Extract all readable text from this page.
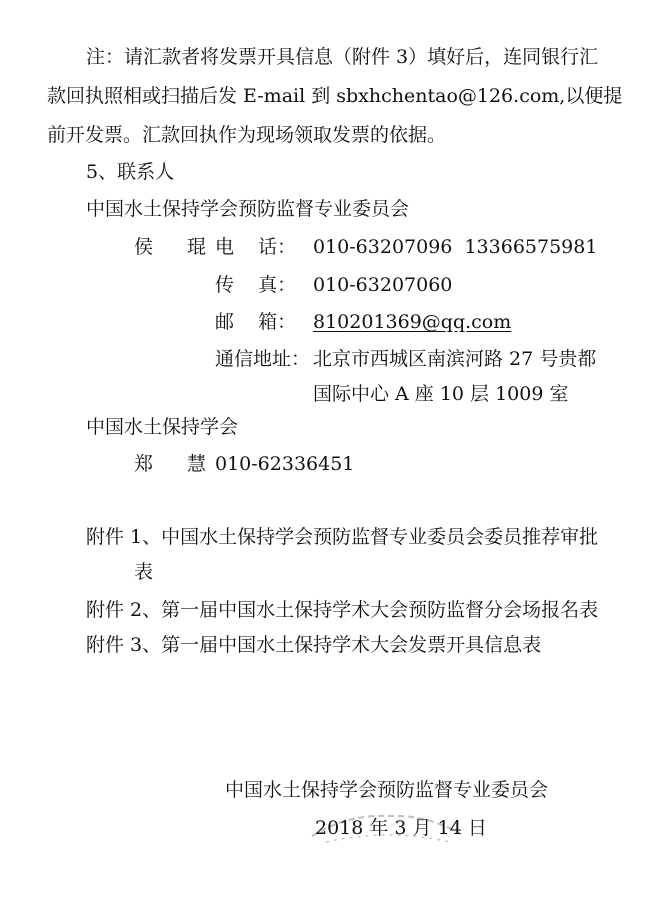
注：请汇款者将发票开具信息（附件 3）填好后，连同银行汇
款回执照相或扫描后发 E-mail 到 sbxhchentao@126.com,以便提
前开发票。汇款回执作为现场领取发票的依据。
5、联系人
中国水土保持学会预防监督专业委员会
侯 琨
电    话： 010-63207096  13366575981
传    真： 010-63207060
邮    箱： 810201369@qq.com
通信地址： 北京市西城区南滨河路 27 号贵都
国际中心 A 座 10 层 1009 室
中国水土保持学会
郑 慧
010-62336451
附件 1、中国水土保持学会预防监督专业委员会委员推荐审批
表
附件 2、第一届中国水土保持学术大会预防监督分会场报名表
附件 3、第一届中国水土保持学术大会发票开具信息表
中国水土保持学会预防监督专业委员会
2018 年 3 月 14 日
